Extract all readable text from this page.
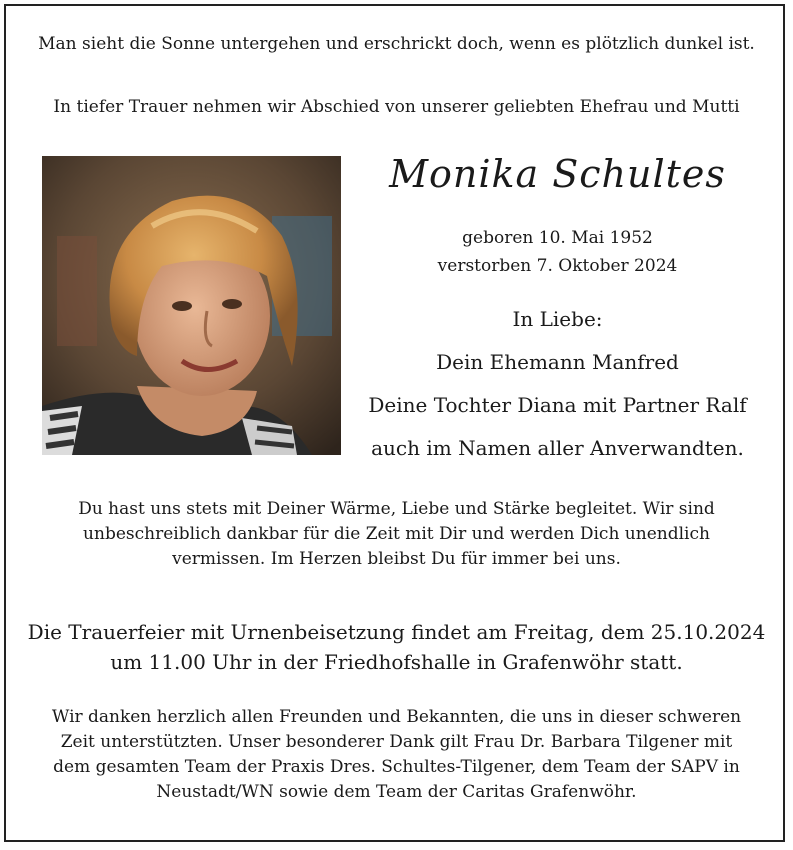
Man sieht die Sonne untergehen und erschrickt doch, wenn es plötzlich dunkel ist.
In tiefer Trauer nehmen wir Abschied von unserer geliebten Ehefrau und Mutti
Monika Schultes
geboren 10. Mai 1952
verstorben 7. Oktober 2024
In Liebe:
Dein Ehemann Manfred
Deine Tochter Diana mit Partner Ralf
auch im Namen aller Anverwandten.
Du hast uns stets mit Deiner Wärme, Liebe und Stärke begleitet. Wir sind
unbeschreiblich dankbar für die Zeit mit Dir und werden Dich unendlich
vermissen. Im Herzen bleibst Du für immer bei uns.
Die Trauerfeier mit Urnenbeisetzung findet am Freitag, dem 25.10.2024
um 11.00 Uhr in der Friedhofshalle in Grafenwöhr statt.
Wir danken herzlich allen Freunden und Bekannten, die uns in dieser schweren
Zeit unterstützten. Unser besonderer Dank gilt Frau Dr. Barbara Tilgener mit
dem gesamten Team der Praxis Dres. Schultes-Tilgener, dem Team der SAPV in
Neustadt/WN sowie dem Team der Caritas Grafenwöhr.
